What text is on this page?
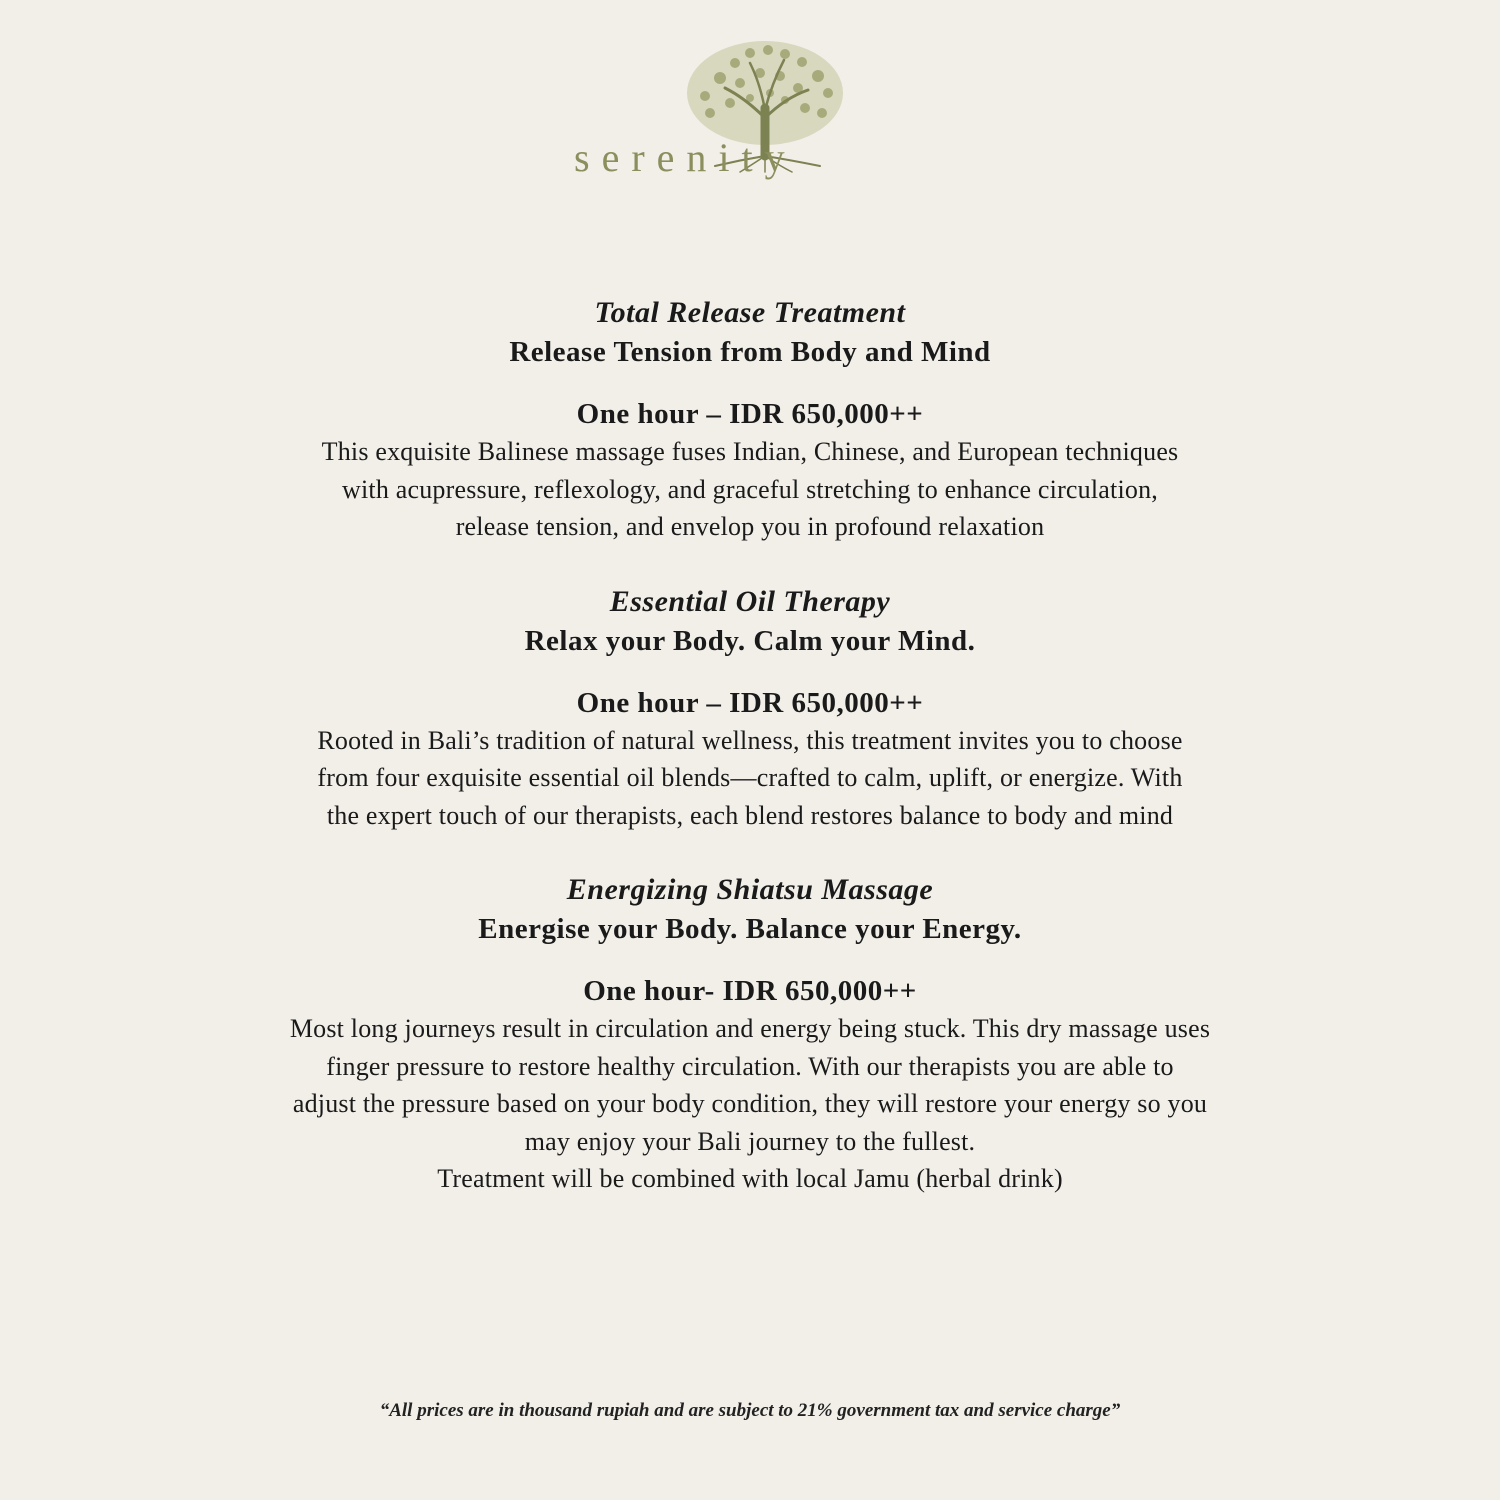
serenity
Total Release Treatment
Release Tension from Body and Mind
One hour – IDR 650,000++
This exquisite Balinese massage fuses Indian, Chinese, and European techniques
with acupressure, reflexology, and graceful stretching to enhance circulation,
release tension, and envelop you in profound relaxation
Essential Oil Therapy
Relax your Body. Calm your Mind.
One hour – IDR 650,000++
Rooted in Bali’s tradition of natural wellness, this treatment invites you to choose
from four exquisite essential oil blends—crafted to calm, uplift, or energize. With
the expert touch of our therapists, each blend restores balance to body and mind
Energizing Shiatsu Massage
Energise your Body. Balance your Energy.
One hour- IDR 650,000++
Most long journeys result in circulation and energy being stuck. This dry massage uses
finger pressure to restore healthy circulation. With our therapists you are able to
adjust the pressure based on your body condition, they will restore your energy so you
may enjoy your Bali journey to the fullest.
Treatment will be combined with local Jamu (herbal drink)
“All prices are in thousand rupiah and are subject to 21% government tax and service charge”
